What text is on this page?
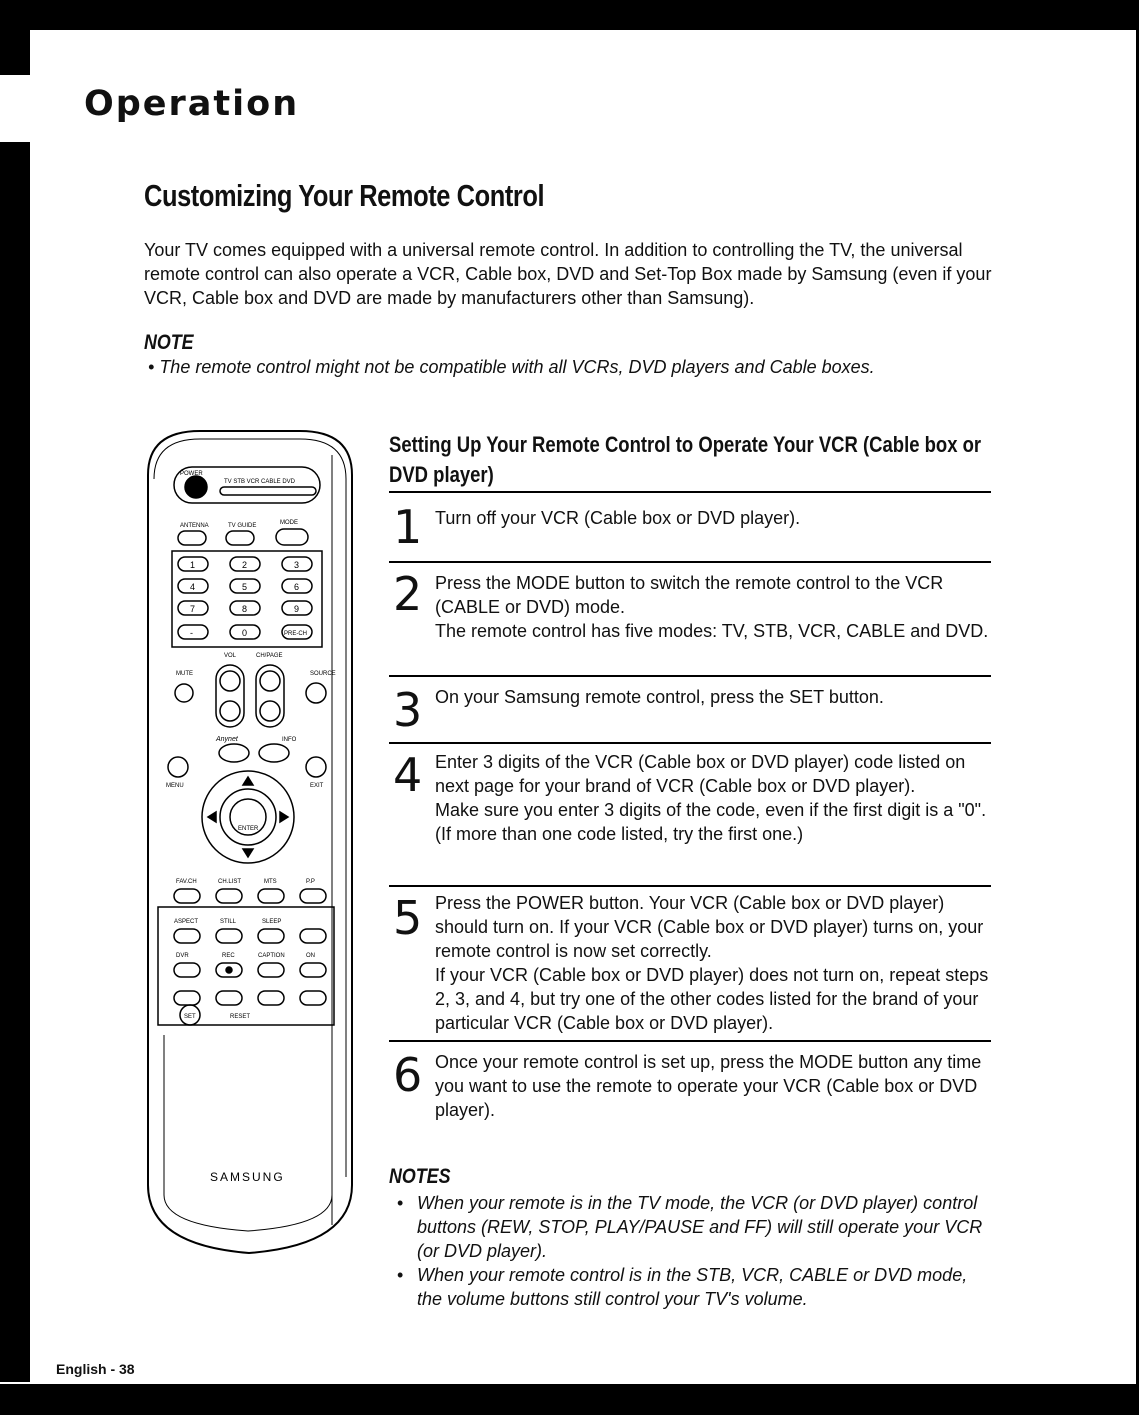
Operation
Customizing Your Remote Control

Your TV comes equipped with a universal remote control. In addition to controlling the TV, the universal remote control can also operate a VCR, Cable box, DVD and Set-Top Box made by Samsung (even if your VCR, Cable box and DVD are made by manufacturers other than Samsung).

NOTE

• The remote control might not be compatible with all VCRs, DVD players and Cable boxes.

POWER
TV STB VCR CABLE DVD
ANTENNA	TV GUIDE	MODE
1	2	3
4	5	6
7	8	9
-	0	PRE-CH
VOL	CH/PAGE
MUTE	SOURCE
Anynet	INFO
MENU	EXIT
ENTER
FAV.CH	CH.LIST	MTS	P.P
ASPECT	STILL	SLEEP
DVR	REC	CAPTION	ON
SET	RESET
SAMSUNG
Setting Up Your Remote Control to Operate Your VCR (Cable box or DVD player)
1 Turn off your VCR (Cable box or DVD player).

2 Press the MODE button to switch the remote control to the VCR (CABLE or DVD) mode.

The remote control has five modes: TV, STB, VCR, CABLE and DVD.

3 On your Samsung remote control, press the SET button.

4 Enter 3 digits of the VCR (Cable box or DVD player) code listed on next page for your brand of VCR (Cable box or DVD player).

Make sure you enter 3 digits of the code, even if the first digit is a "0". (If more than one code listed, try the first one.)

5 Press the POWER button. Your VCR (Cable box or DVD player) should turn on. If your VCR (Cable box or DVD player) turns on, your remote control is now set correctly.

If your VCR (Cable box or DVD player) does not turn on, repeat steps 2, 3, and 4, but try one of the other codes listed for the brand of your particular VCR (Cable box or DVD player).

6 Once your remote control is set up, press the MODE button any time you want to use the remote to operate your VCR (Cable box or DVD player).

NOTES

• When your remote is in the TV mode, the VCR (or DVD player) control buttons (REW, STOP, PLAY/PAUSE and FF) will still operate your VCR (or DVD player).
• When your remote control is in the STB, VCR, CABLE or DVD mode, the volume buttons still control your TV's volume.

English - 38
